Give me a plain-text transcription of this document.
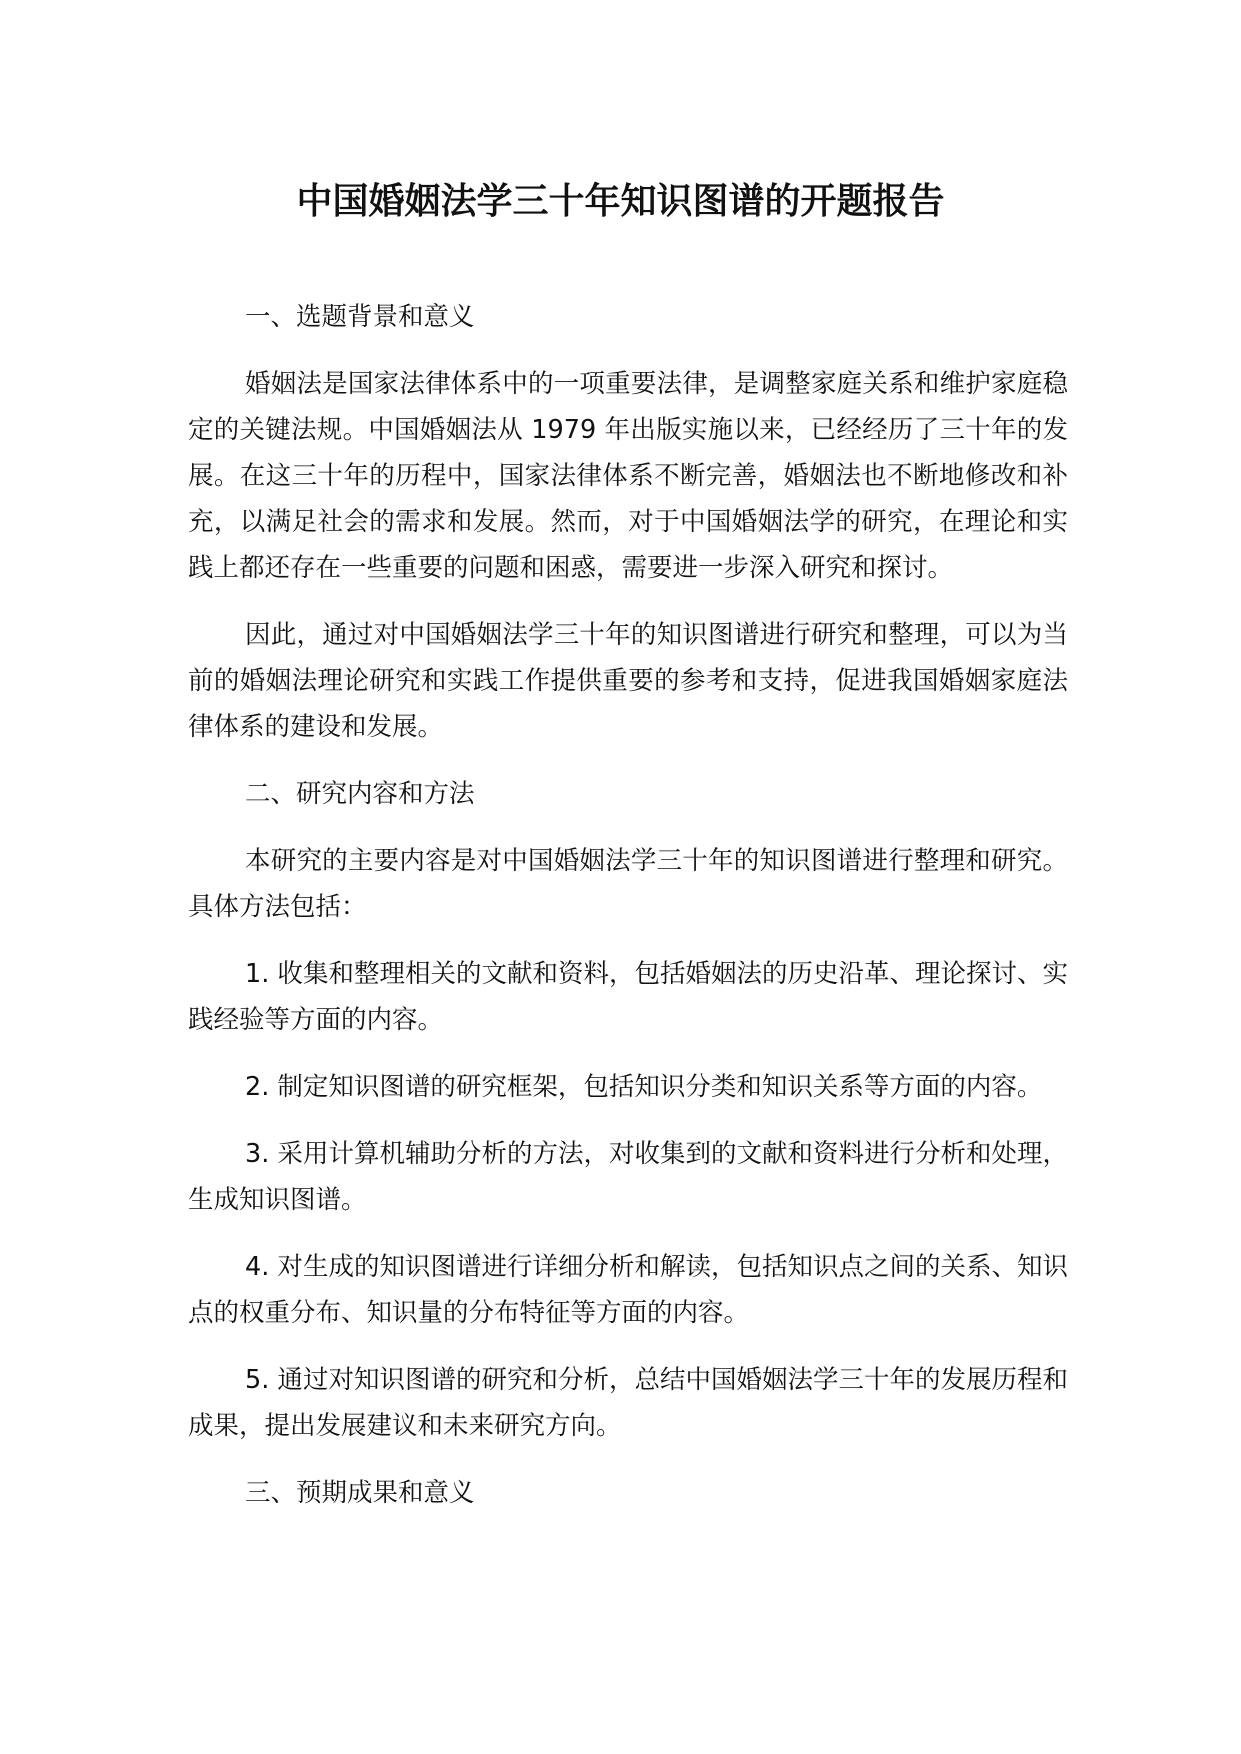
中国婚姻法学三十年知识图谱的开题报告

一、选题背景和意义

婚姻法是国家法律体系中的一项重要法律，是调整家庭关系和维护家庭稳定的关键法规。中国婚姻法从 1979 年出版实施以来，已经经历了三十年的发展。在这三十年的历程中，国家法律体系不断完善，婚姻法也不断地修改和补充，以满足社会的需求和发展。然而，对于中国婚姻法学的研究，在理论和实践上都还存在一些重要的问题和困惑，需要进一步深入研究和探讨。

因此，通过对中国婚姻法学三十年的知识图谱进行研究和整理，可以为当前的婚姻法理论研究和实践工作提供重要的参考和支持，促进我国婚姻家庭法律体系的建设和发展。

二、研究内容和方法

本研究的主要内容是对中国婚姻法学三十年的知识图谱进行整理和研究。具体方法包括：

1. 收集和整理相关的文献和资料，包括婚姻法的历史沿革、理论探讨、实践经验等方面的内容。

2. 制定知识图谱的研究框架，包括知识分类和知识关系等方面的内容。

3. 采用计算机辅助分析的方法，对收集到的文献和资料进行分析和处理，生成知识图谱。

4. 对生成的知识图谱进行详细分析和解读，包括知识点之间的关系、知识点的权重分布、知识量的分布特征等方面的内容。

5. 通过对知识图谱的研究和分析，总结中国婚姻法学三十年的发展历程和成果，提出发展建议和未来研究方向。

三、预期成果和意义
